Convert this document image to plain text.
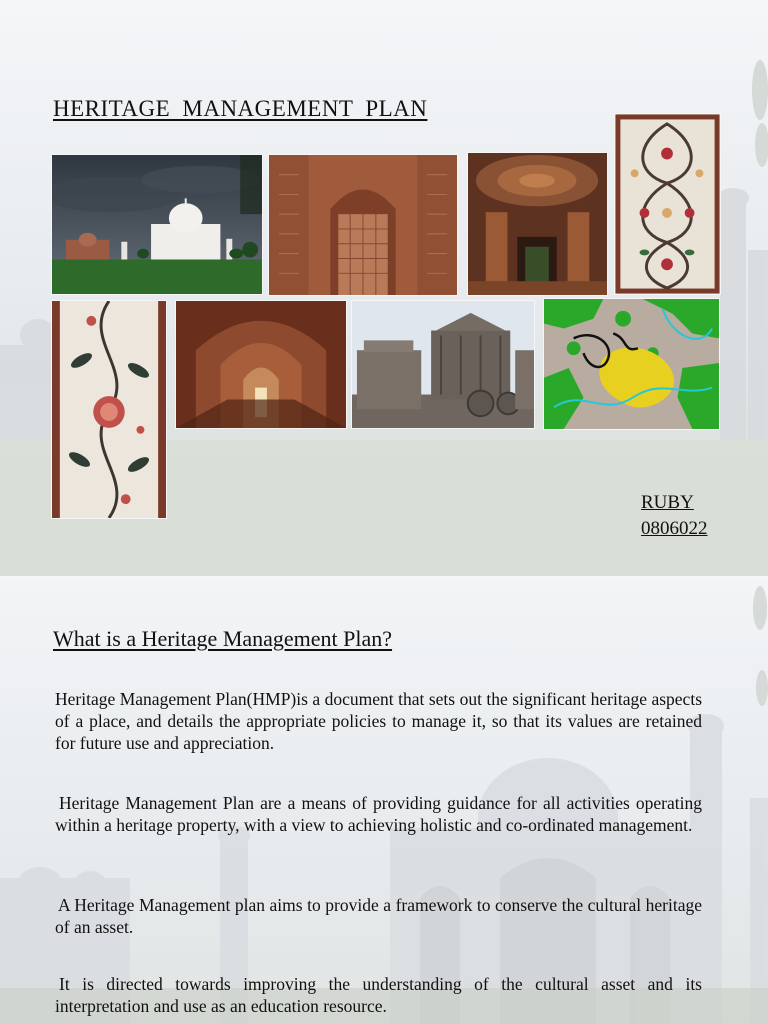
HERITAGE MANAGEMENT PLAN
RUBY
0806022
What is a Heritage Management Plan?

Heritage Management Plan(HMP)is a document that sets out the significant heritage aspects of a place, and details the appropriate policies to manage it, so that its values are retained for future use and appreciation.

Heritage Management Plan are a means of providing guidance for all activities operating within a heritage property, with a view to achieving holistic and co-ordinated management.

A Heritage Management plan aims to provide a framework to conserve the cultural heritage of an asset.

It is directed towards improving the understanding of the cultural asset and its interpretation and use as an education resource.
